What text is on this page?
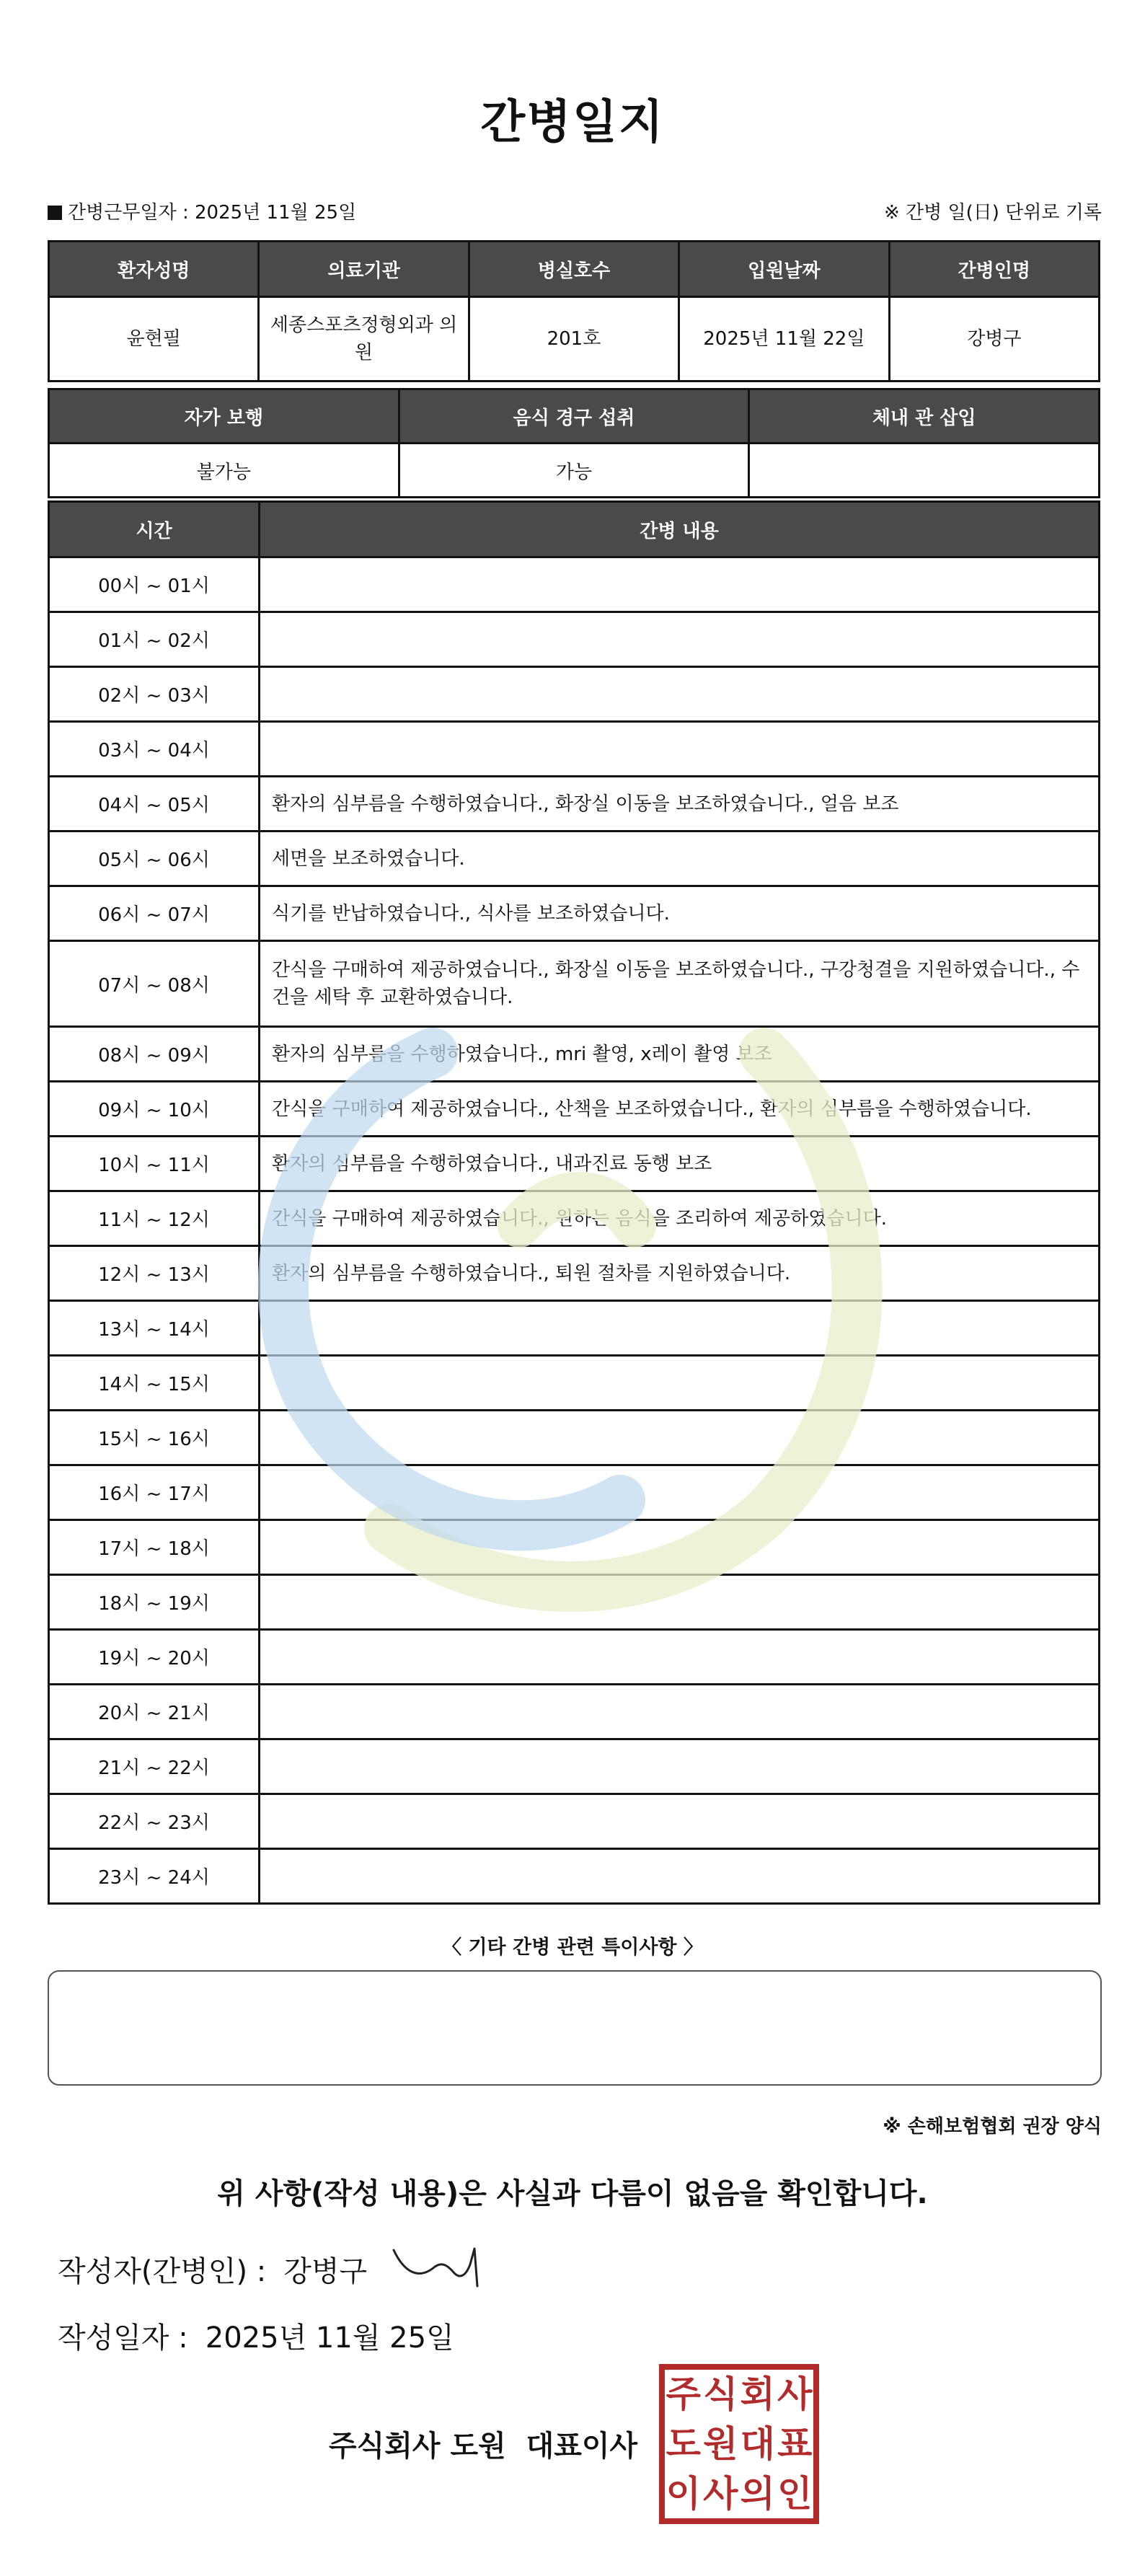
간병일지
간병근무일자 : 2025년 11월 25일	※ 간병 일(日) 단위로 기록
환자성명	의료기관	병실호수	입원날짜	간병인명
윤현필	세종스포츠정형외과 의원	201호	2025년 11월 22일	강병구
자가 보행	음식 경구 섭취	체내 관 삽입
불가능	가능	
시간	간병 내용
00시 ~ 01시	
01시 ~ 02시	
02시 ~ 03시	
03시 ~ 04시	
04시 ~ 05시	환자의 심부름을 수행하였습니다., 화장실 이동을 보조하였습니다., 얼음 보조
05시 ~ 06시	세면을 보조하였습니다.
06시 ~ 07시	식기를 반납하였습니다., 식사를 보조하였습니다.
07시 ~ 08시	간식을 구매하여 제공하였습니다., 화장실 이동을 보조하였습니다., 구강청결을 지원하였습니다., 수건을 세탁 후 교환하였습니다.
08시 ~ 09시	환자의 심부름을 수행하였습니다., mri 촬영, x레이 촬영 보조
09시 ~ 10시	간식을 구매하여 제공하였습니다., 산책을 보조하였습니다., 환자의 심부름을 수행하였습니다.
10시 ~ 11시	환자의 심부름을 수행하였습니다., 내과진료 동행 보조
11시 ~ 12시	간식을 구매하여 제공하였습니다., 원하는 음식을 조리하여 제공하였습니다.
12시 ~ 13시	환자의 심부름을 수행하였습니다., 퇴원 절차를 지원하였습니다.
13시 ~ 14시	
14시 ~ 15시	
15시 ~ 16시	
16시 ~ 17시	
17시 ~ 18시	
18시 ~ 19시	
19시 ~ 20시	
20시 ~ 21시	
21시 ~ 22시	
22시 ~ 23시	
23시 ~ 24시	
〈 기타 간병 관련 특이사항 〉
※ 손해보험협회 권장 양식
위 사항(작성 내용)은 사실과 다름이 없음을 확인합니다.
작성자(간병인) : 강병구
작성일자 : 2025년 11월 25일
주식회사 도원  대표이사
주 식 회 사
도 원 대 표
이 사 의 인
